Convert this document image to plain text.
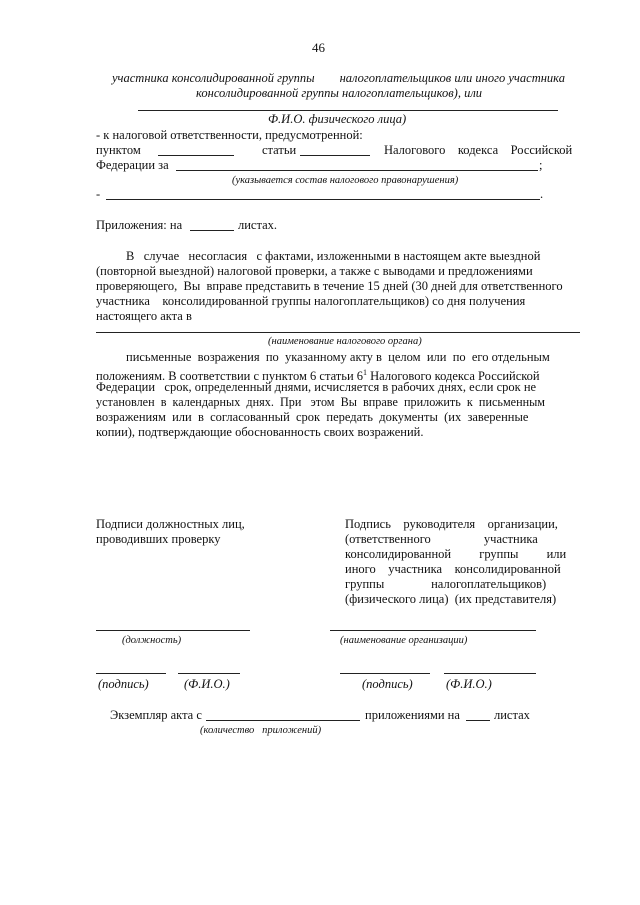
46
участника консолидированной группы        налогоплательщиков или иного участника
консолидированной группы налогоплательщиков), или
Ф.И.О. физического лица)
- к налоговой ответственности, предусмотренной:
пунктом	статьи	Налогового    кодекса    Российской
Федерации за	;
(указывается состав налогового правонарушения)
-	.
Приложения: на	листах.
В   случае   несогласия   с фактами, изложенными в настоящем акте выездной
(повторной выездной) налоговой проверки, а также с выводами и предложениями
проверяющего,  Вы  вправе представить в течение 15 дней (30 дней для ответственного
участника    консолидированной группы налогоплательщиков) со дня получения
настоящего акта в
(наименование налогового органа)
письменные  возражения  по  указанному акту в  целом  или  по  его отдельным
положениям. В соответствии с пунктом 6 статьи $6^1$ Налогового кодекса Российской
Федерации   срок, определенный днями, исчисляется в рабочих днях, если срок не
установлен  в  календарных  днях.  При   этом  Вы  вправе  приложить  к  письменным
возражениям  или  в  согласованный  срок  передать  документы  (их  заверенные
копии), подтверждающие обоснованность своих возражений.
Подписи должностных лиц,
проводивших проверку
Подпись    руководителя    организации,
(ответственного                 участника
консолидированной         группы         или
иного    участника    консолидированной
группы               налогоплательщиков)
(физического лица)  (их представителя)
(должность)	(наименование организации)
(подпись)	(Ф.И.О.)	(подпись)	(Ф.И.О.)
Экземпляр акта с	приложениями на	листах
(количество   приложений)
